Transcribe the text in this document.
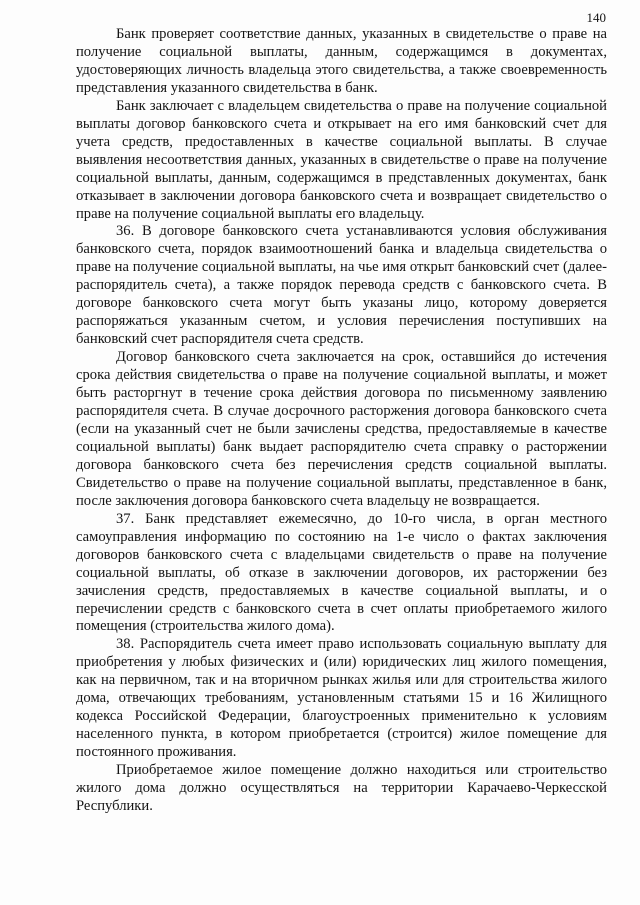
140

Банк проверяет соответствие данных, указанных в свидетельстве о праве на получение социальной выплаты, данным, содержащимся в документах, удостоверяющих личность владельца этого свидетельства, а также своевременность представления указанного свидетельства в банк.

Банк заключает с владельцем свидетельства о праве на получение социальной выплаты договор банковского счета и открывает на его имя банковский счет для учета средств, предоставленных в качестве социальной выплаты. В случае выявления несоответствия данных, указанных в свидетельстве о праве на получение социальной выплаты, данным, содержащимся в представленных документах, банк отказывает в заключении договора банковского счета и возвращает свидетельство о праве на получение социальной выплаты его владельцу.

36. В договоре банковского счета устанавливаются условия обслуживания банковского счета, порядок взаимоотношений банка и владельца свидетельства о праве на получение социальной выплаты, на чье имя открыт банковский счет (далее-распорядитель счета), а также порядок перевода средств с банковского счета. В договоре банковского счета могут быть указаны лицо, которому доверяется распоряжаться указанным счетом, и условия перечисления поступивших на банковский счет распорядителя счета средств.

Договор банковского счета заключается на срок, оставшийся до истечения срока действия свидетельства о праве на получение социальной выплаты, и может быть расторгнут в течение срока действия договора по письменному заявлению распорядителя счета. В случае досрочного расторжения договора банковского счета (если на указанный счет не были зачислены средства, предоставляемые в качестве социальной выплаты) банк выдает распорядителю счета справку о расторжении договора банковского счета без перечисления средств социальной выплаты. Свидетельство о праве на получение социальной выплаты, представленное в банк, после заключения договора банковского счета владельцу не возвращается.

37. Банк представляет ежемесячно, до 10-го числа, в орган местного самоуправления информацию по состоянию на 1-е число о фактах заключения договоров банковского счета с владельцами свидетельств о праве на получение социальной выплаты, об отказе в заключении договоров, их расторжении без зачисления средств, предоставляемых в качестве социальной выплаты, и о перечислении средств с банковского счета в счет оплаты приобретаемого жилого помещения (строительства жилого дома).

38. Распорядитель счета имеет право использовать социальную выплату для приобретения у любых физических и (или) юридических лиц жилого помещения, как на первичном, так и на вторичном рынках жилья или для строительства жилого дома, отвечающих требованиям, установленным статьями 15 и 16 Жилищного кодекса Российской Федерации, благоустроенных применительно к условиям населенного пункта, в котором приобретается (строится) жилое помещение для постоянного проживания.

Приобретаемое жилое помещение должно находиться или строительство жилого дома должно осуществляться на территории Карачаево-Черкесской Республики.
